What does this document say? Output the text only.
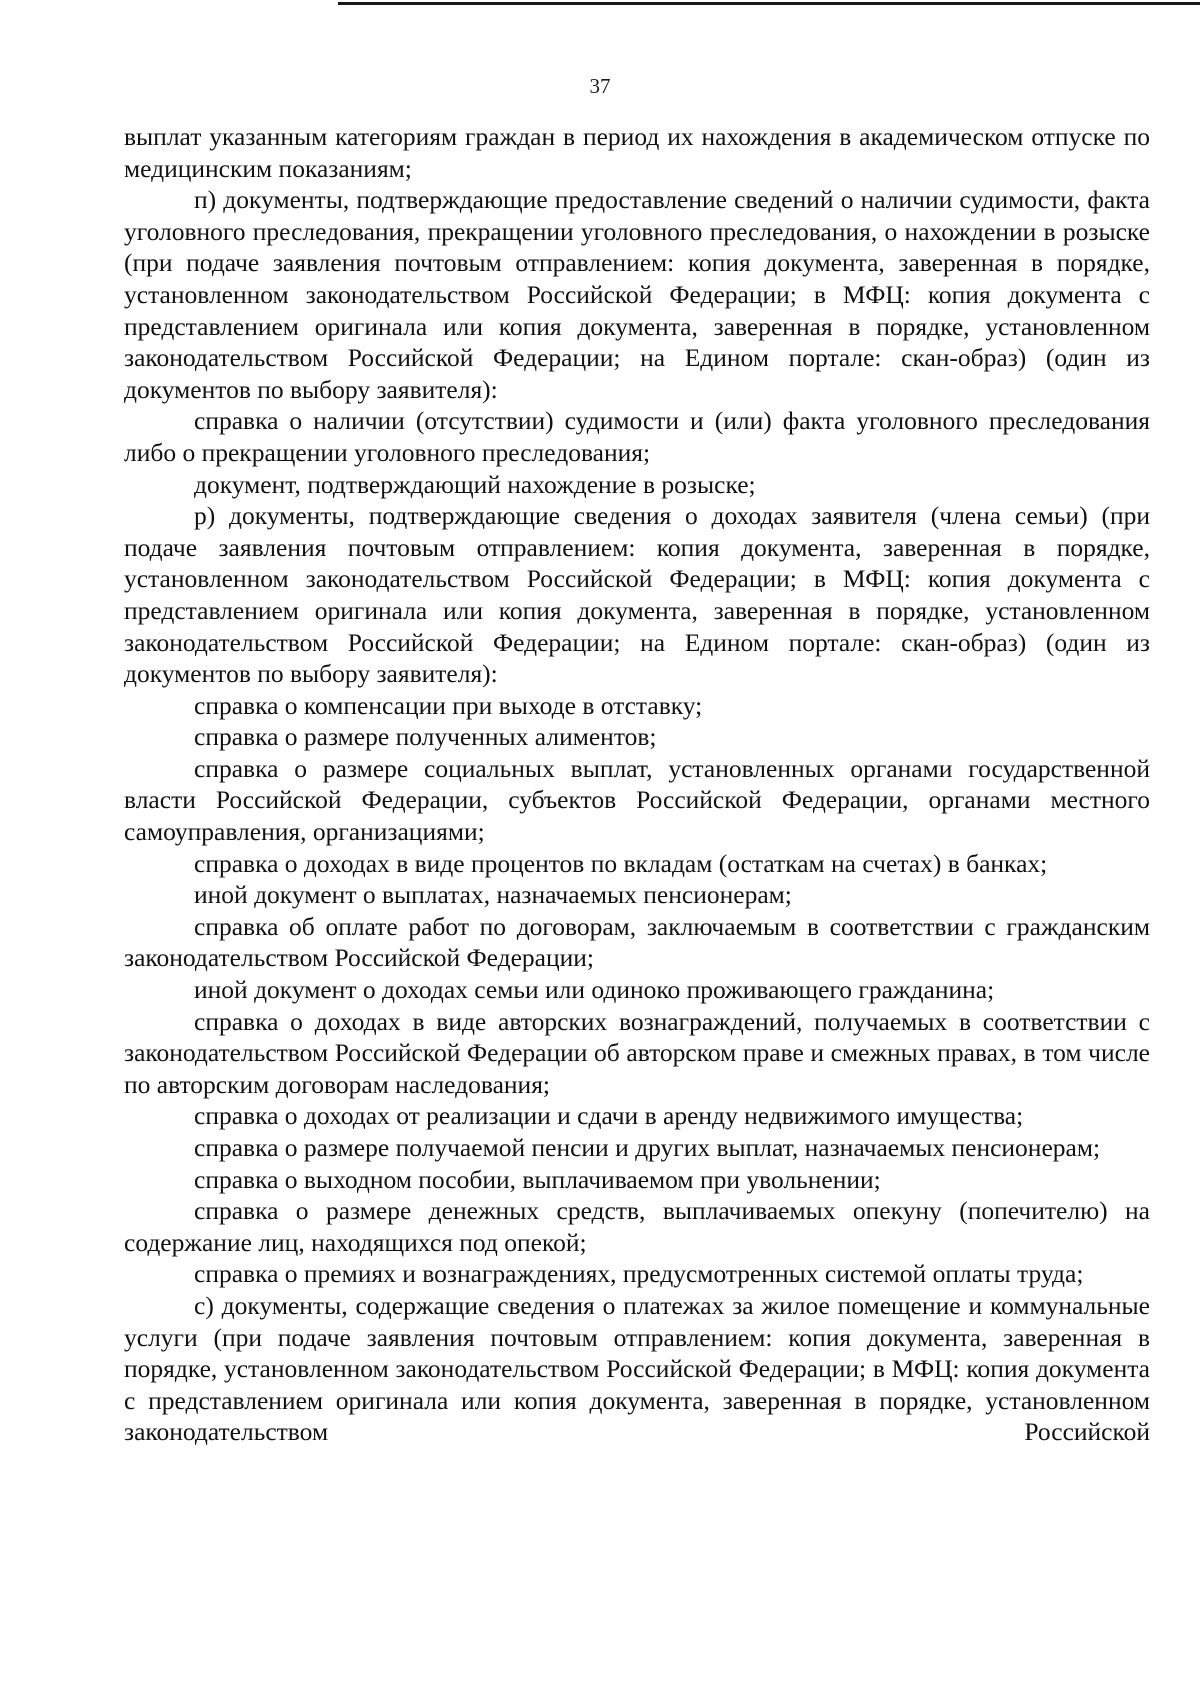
37

выплат указанным категориям граждан в период их нахождения в академическом отпуске по медицинским показаниям;

п) документы, подтверждающие предоставление сведений о наличии судимости, факта уголовного преследования, прекращении уголовного преследования, о нахождении в розыске (при подаче заявления почтовым отправлением: копия документа, заверенная в порядке, установленном законодательством Российской Федерации; в МФЦ: копия документа с представлением оригинала или копия документа, заверенная в порядке, установленном законодательством Российской Федерации; на Едином портале: скан-образ) (один из документов по выбору заявителя):

справка о наличии (отсутствии) судимости и (или) факта уголовного преследования либо о прекращении уголовного преследования;

документ, подтверждающий нахождение в розыске;

р) документы, подтверждающие сведения о доходах заявителя (члена семьи) (при подаче заявления почтовым отправлением: копия документа, заверенная в порядке, установленном законодательством Российской Федерации; в МФЦ: копия документа с представлением оригинала или копия документа, заверенная в порядке, установленном законодательством Российской Федерации; на Едином портале: скан-образ) (один из документов по выбору заявителя):

справка о компенсации при выходе в отставку;

справка о размере полученных алиментов;

справка о размере социальных выплат, установленных органами государственной власти Российской Федерации, субъектов Российской Федерации, органами местного самоуправления, организациями;

справка о доходах в виде процентов по вкладам (остаткам на счетах) в банках;

иной документ о выплатах, назначаемых пенсионерам;

справка об оплате работ по договорам, заключаемым в соответствии с гражданским законодательством Российской Федерации;

иной документ о доходах семьи или одиноко проживающего гражданина;

справка о доходах в виде авторских вознаграждений, получаемых в соответствии с законодательством Российской Федерации об авторском праве и смежных правах, в том числе по авторским договорам наследования;

справка о доходах от реализации и сдачи в аренду недвижимого имущества;

справка о размере получаемой пенсии и других выплат, назначаемых пенсионерам;

справка о выходном пособии, выплачиваемом при увольнении;

справка о размере денежных средств, выплачиваемых опекуну (попечителю) на содержание лиц, находящихся под опекой;

справка о премиях и вознаграждениях, предусмотренных системой оплаты труда;

с) документы, содержащие сведения о платежах за жилое помещение и коммунальные услуги (при подаче заявления почтовым отправлением: копия документа, заверенная в порядке, установленном законодательством Российской Федерации; в МФЦ: копия документа с представлением оригинала или копия документа, заверенная в порядке, установленном законодательством Российской
